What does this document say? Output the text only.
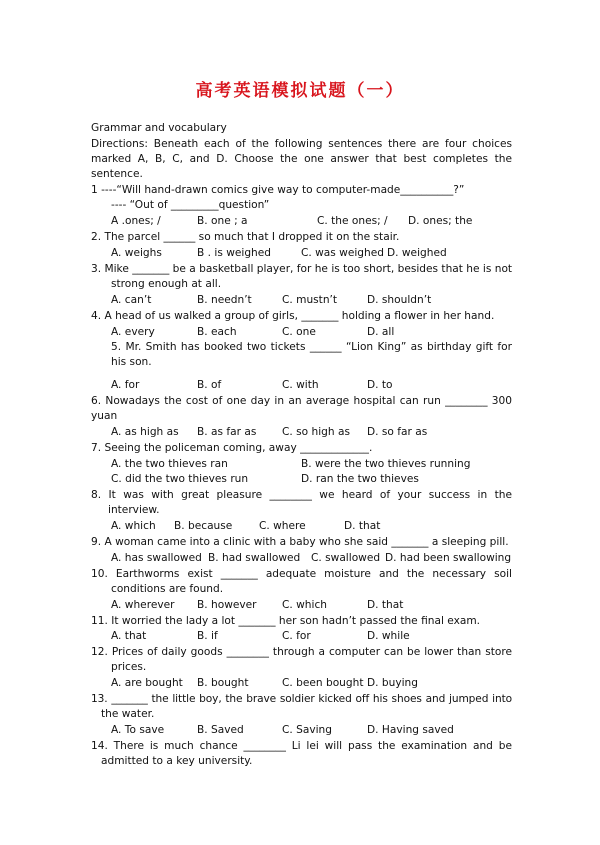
高考英语模拟试题（一）
Grammar and vocabulary
Directions: Beneath each of the following sentences there are four choices
marked A, B, C, and D. Choose the one answer that best completes the
sentence.
1 ----“Will hand-drawn comics give way to computer-made__________?”
---- “Out of _________question”
A .ones; /	B. one ; a	C. the ones; / D. ones; the
2. The parcel ______ so much that I dropped it on the stair.
A. weighs	B . is weighed	C. was weighed D. weighed
3. Mike _______ be a basketball player, for he is too short, besides that he is not
strong enough at all.
A. can’t	B. needn’t	C. mustn’t	D. shouldn’t
4. A head of us walked a group of girls, _______ holding a flower in her hand.
A. every	B. each	C. one	D. all
5. Mr. Smith has booked two tickets ______ “Lion King” as birthday gift for
his son.
A. for	B. of	C. with	D. to
6. Nowadays the cost of one day in an average hospital can run ________ 300
yuan
A. as high as B. as far as C. so high as D. so far as
7. Seeing the policeman coming, away _____________.
A. the two thieves ran	B. were the two thieves running
C. did the two thieves run	D. ran the two thieves
8. It was with great pleasure ________ we heard of your success in the
interview.
A. which B. because	C. where	D. that
9. A woman came into a clinic with a baby who she said _______ a sleeping pill.
A. has swallowed B. had swallowed C. swallowed D. had been swallowing
10. Earthworms exist _______ adequate moisture and the necessary soil
conditions are found.
A. wherever B. however C. which	D. that
11. It worried the lady a lot _______ her son hadn’t passed the final exam.
A. that	B. if	C. for	D. while
12. Prices of daily goods ________ through a computer can be lower than store
prices.
A. are bought B. bought	C. been bought D. buying
13. _______ the little boy, the brave soldier kicked off his shoes and jumped into
the water.
A. To save	B. Saved	C. Saving	D. Having saved
14. There is much chance ________ Li lei will pass the examination and be
admitted to a key university.
